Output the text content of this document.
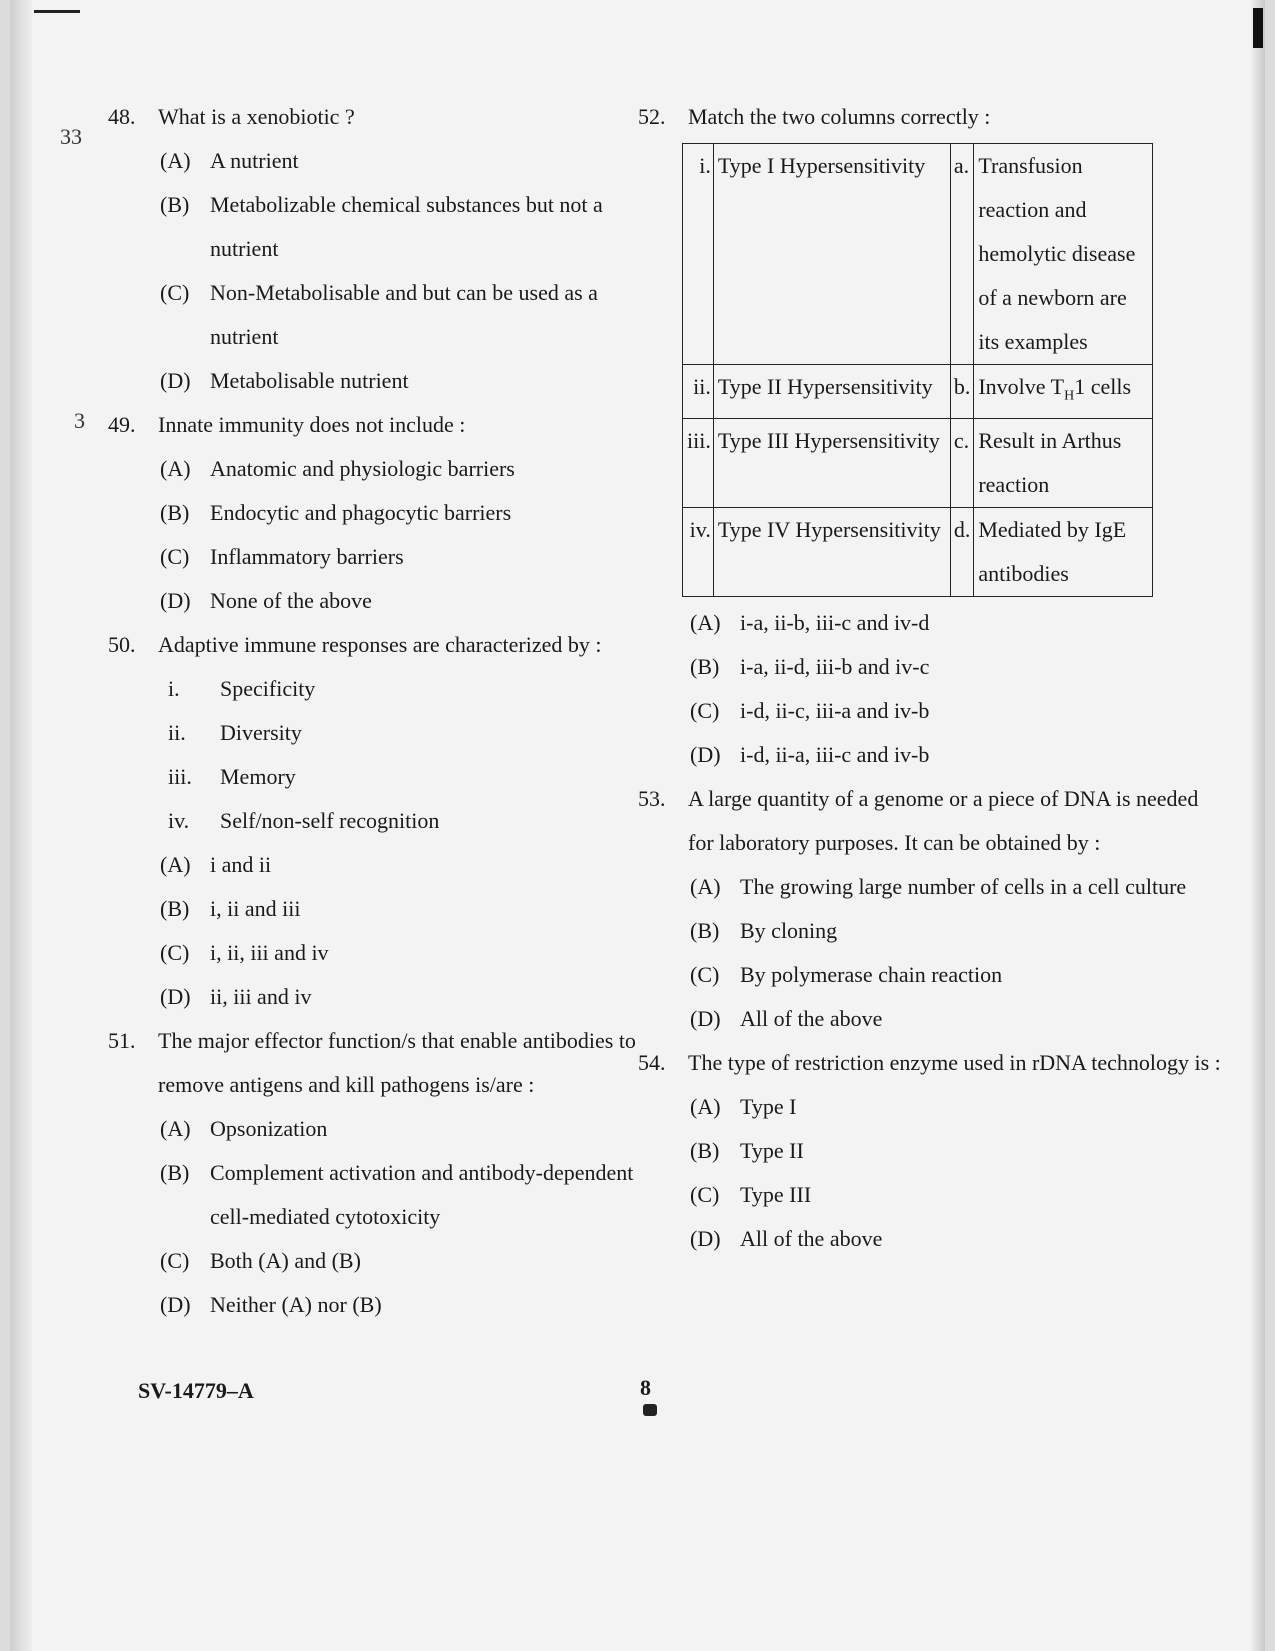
33
3
48.	What is a xenobiotic ?
(A) A nutrient
(B) Metabolizable chemical substances but not a nutrient
(C) Non-Metabolisable and but can be used as a nutrient
(D) Metabolisable nutrient
49.	Innate immunity does not include :
(A) Anatomic and physiologic barriers
(B) Endocytic and phagocytic barriers
(C) Inflammatory barriers
(D) None of the above
50.	Adaptive immune responses are characterized by :
i.	Specificity
ii.	Diversity
iii.	Memory
iv.	Self/non-self recognition
(A) i and ii
(B) i, ii and iii
(C) i, ii, iii and iv
(D) ii, iii and iv
51.	The major effector function/s that enable antibodies to remove antigens and kill pathogens is/are :
(A) Opsonization
(B) Complement activation and antibody-dependent cell-mediated cytotoxicity
(C) Both (A) and (B)
(D) Neither (A) nor (B)
52.	Match the two columns correctly :
i.	Type I Hypersensitivity	a.	Transfusion reaction and hemolytic disease of a newborn are its examples
ii.	Type II Hypersensitivity	b.	Involve $T_H1$ cells
iii.	Type III Hypersensitivity	c.	Result in Arthus reaction
iv.	Type IV Hypersensitivity	d.	Mediated by IgE antibodies
(A) i-a, ii-b, iii-c and iv-d
(B) i-a, ii-d, iii-b and iv-c
(C) i-d, ii-c, iii-a and iv-b
(D) i-d, ii-a, iii-c and iv-b
53.	A large quantity of a genome or a piece of DNA is needed for laboratory purposes. It can be obtained by :
(A) The growing large number of cells in a cell culture
(B) By cloning
(C) By polymerase chain reaction
(D) All of the above
54.	The type of restriction enzyme used in rDNA technology is :
(A) Type I
(B) Type II
(C) Type III
(D) All of the above
SV-14779–A	8
